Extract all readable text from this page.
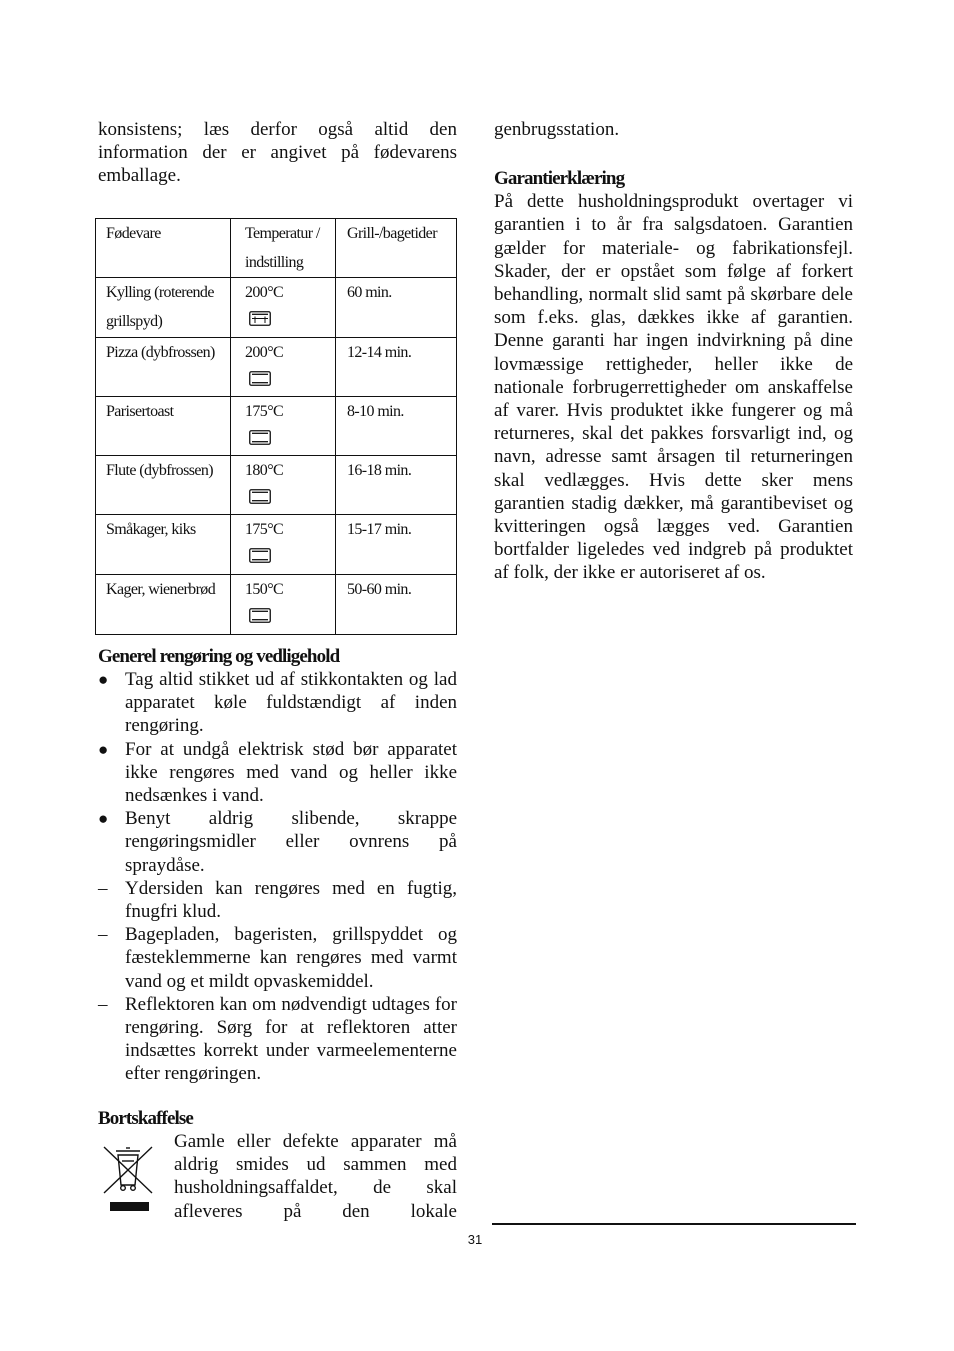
konsistens; læs derfor også altid den information der er angivet på fødevarens emballage.

Fødevare	Temperatur / indstilling	Grill-/bagetider

Kylling (roterende grillspyd)	200°C	60 min.

Pizza (dybfrossen)	200°C	12-14 min.

Parisertoast	175°C	8-10 min.

Flute (dybfrossen)	180°C	16-18 min.

Småkager, kiks	175°C	15-17 min.

Kager, wienerbrød	150°C	50-60 min.

Generel rengøring og vedligehold

● Tag altid stikket ud af stikkontakten og lad apparatet køle fuldstændigt af inden rengøring.
● For at undgå elektrisk stød bør apparatet ikke rengøres med vand og heller ikke nedsænkes i vand.
● Benyt aldrig slibende, skrappe rengøringsmidler eller ovnrens på spraydåse.
– Ydersiden kan rengøres med en fugtig, fnugfri klud.
– Bagepladen, bageristen, grillspyddet og fæsteklemmerne kan rengøres med varmt vand og et mildt opvaskemiddel.
– Reflektoren kan om nødvendigt udtages for rengøring. Sørg for at reflektoren atter indsættes korrekt under varmeelementerne efter rengøringen.

Bortskaffelse

Gamle eller defekte apparater må aldrig smides ud sammen med husholdningsaffaldet, de skal afleveres på den lokale

genbrugsstation.

Garantierklæring

På dette husholdningsprodukt overtager vi garantien i to år fra salgsdatoen. Garantien gælder for materiale- og fabrikationsfejl. Skader, der er opstået som følge af forkert behandling, normalt slid samt på skørbare dele som f.eks. glas, dækkes ikke af garantien. Denne garanti har ingen indvirkning på dine lovmæssige rettigheder, heller ikke de nationale forbrugerrettigheder om anskaffelse af varer. Hvis produktet ikke fungerer og må returneres, skal det pakkes forsvarligt ind, og navn, adresse samt årsagen til returneringen skal vedlægges. Hvis dette sker mens garantien stadig dækker, må garantibeviset og kvitteringen også lægges ved. Garantien bortfalder ligeledes ved indgreb på produktet af folk, der ikke er autoriseret af os.

31
